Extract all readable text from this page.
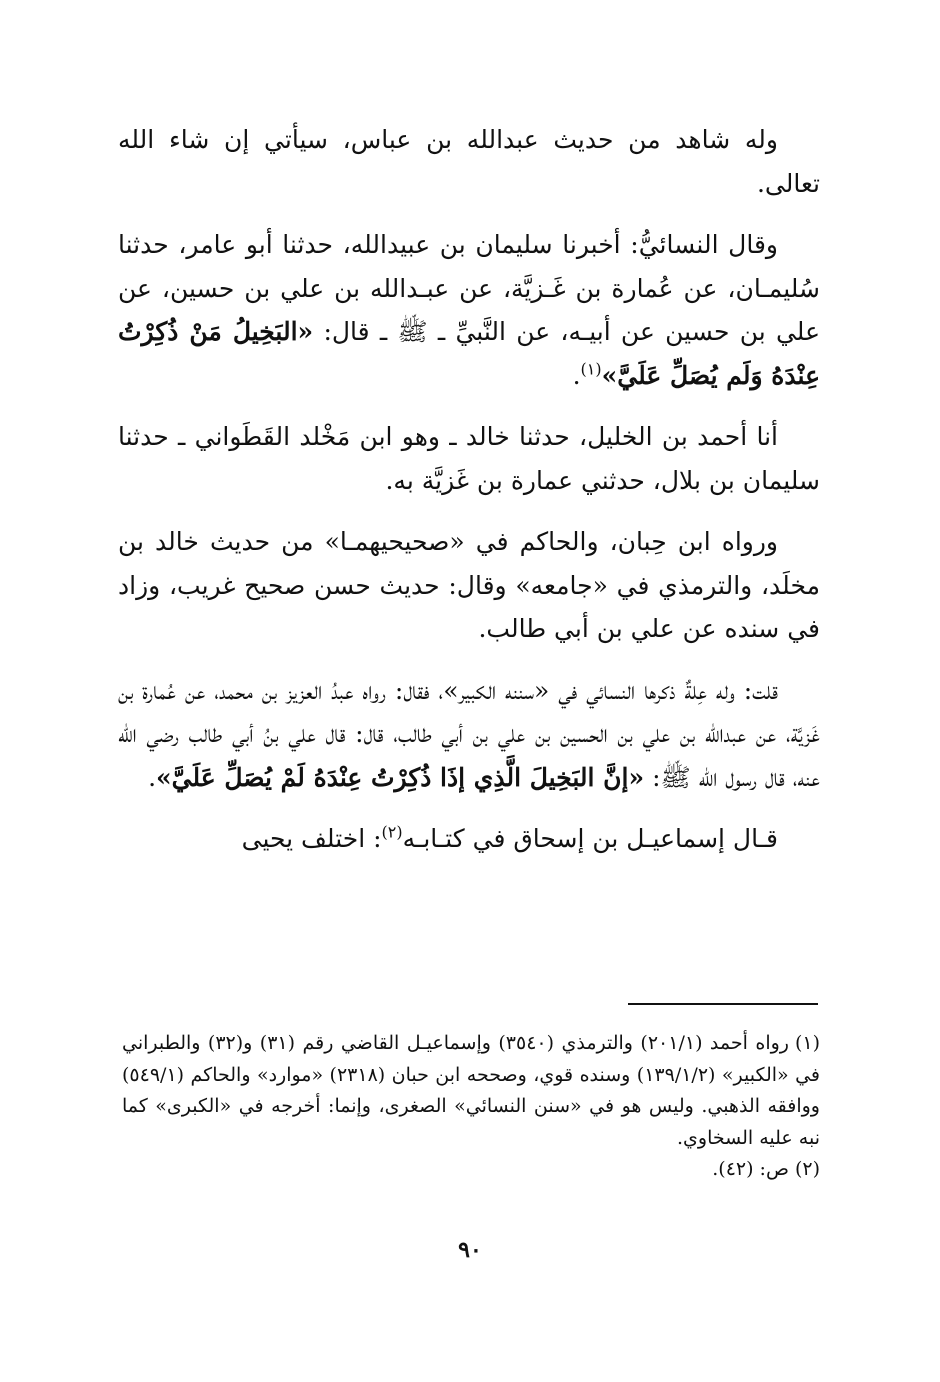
وله شاهد من حديث عبدالله بن عباس، سيأتي إن شاء الله تعالى.

وقال النسائيُّ: أخبرنا سليمان بن عبيدالله، حدثنا أبو عامر، حدثنا سُليمـان، عن عُمارة بن غَـزيَّة، عن عبـدالله بن علي بن حسين، عن علي بن حسين عن أبيـه، عن النَّبيِّ ـ ﷺ ـ قال: «البَخِيلُ مَنْ ذُكِرْتُ عِنْدَهُ وَلَم يُصَلِّ عَلَيَّ»$^{(١)}$.

أنا أحمد بن الخليل، حدثنا خالد ـ وهو ابن مَخْلد القَطَواني ـ حدثنا سليمان بن بلال، حدثني عمارة بن غَزيَّة به.

ورواه ابن حِبان، والحاكم في «صحيحيهمـا» من حديث خالد بن مخلَد، والترمذي في «جامعه» وقال: حديث حسن صحيح غريب، وزاد في سنده عن علي بن أبي طالب.

قلت: وله عِلةٌ ذكرها النسائي في «سننه الكبير»، فقال: رواه عبدُ العزيز بن محمد، عن عُمارة بن غَزيَّة، عن عبدالله بن علي بن الحسين بن علي بن أبي طالب، قال: قال علي بنُ أبي طالب رضي الله عنه، قال رسول الله ﷺ: «إنَّ البَخِيلَ الَّذِي إذَا ذُكِرْتُ عِنْدَهُ لَمْ يُصَلِّ عَلَيَّ».

قـال إسماعيـل بن إسحاق في كتـابـه$^{(٢)}$: اختلف يحيى

(١)رواه أحمد (٢٠١/١) والترمذي (٣٥٤٠) وإسماعيـل القاضي رقم (٣١) و(٣٢) والطبراني في «الكبير» (١٣٩/١/٢) وسنده قوي، وصححه ابن حبان (٢٣١٨) «موارد» والحاكم (٥٤٩/١) ووافقه الذهبي. وليس هو في «سنن النسائي» الصغرى، وإنما: أخرجه في «الكبرى» كما نبه عليه السخاوي.

(٢)ص: (٤٢).

٩٠
